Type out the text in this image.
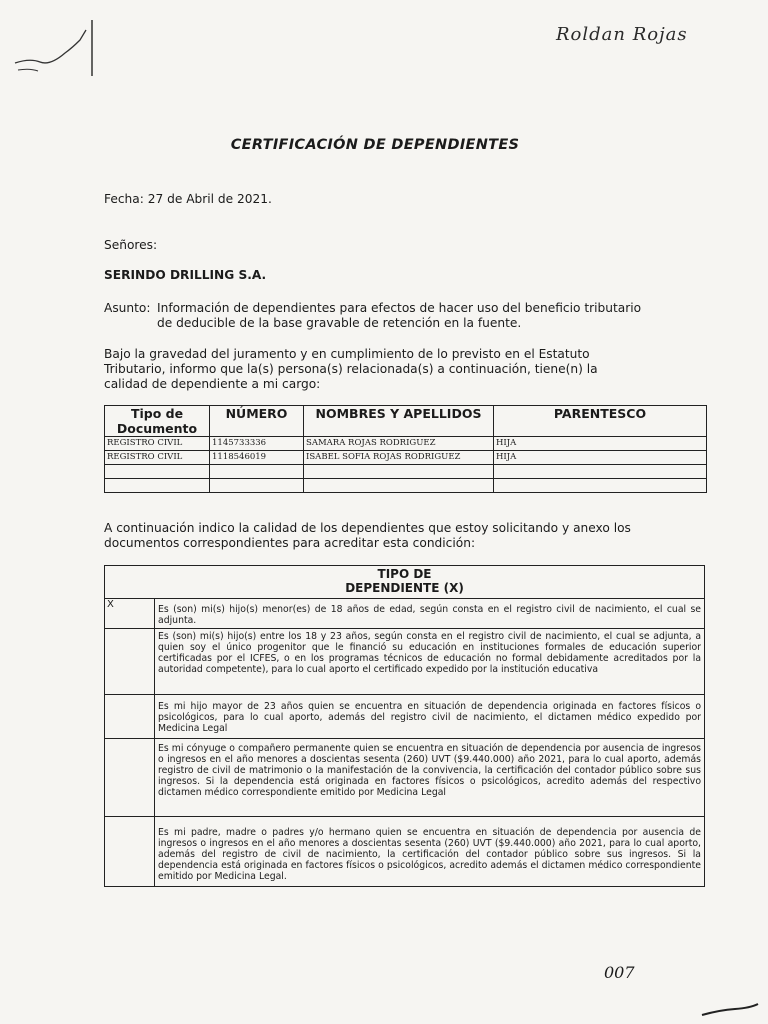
Roldan Rojas
CERTIFICACIÓN DE DEPENDIENTES
Fecha: 27 de Abril de 2021.
Señores:
SERINDO DRILLING S.A.
Asunto: Información de dependientes para efectos de hacer uso del beneficio tributario
de deducible de la base gravable de retención en la fuente.
Bajo la gravedad del juramento y en cumplimiento de lo previsto en el Estatuto
Tributario, informo que la(s) persona(s) relacionada(s) a continuación, tiene(n) la
calidad de dependiente a mi cargo:
Tipo de Documento	NÚMERO	NOMBRES Y APELLIDOS	PARENTESCO
REGISTRO CIVIL	1145733336	SAMARA ROJAS RODRIGUEZ	HIJA
REGISTRO CIVIL	1118546019	ISABEL SOFIA ROJAS RODRIGUEZ	HIJA

A continuación indico la calidad de los dependientes que estoy solicitando y anexo los
documentos correspondientes para acreditar esta condición:
TIPO DE
DEPENDIENTE (X)	

X	Es (son) mi(s) hijo(s) menor(es) de 18 años de edad, según consta en el registro civil de nacimiento, el cual se adjunta.
	Es (son) mi(s) hijo(s) entre los 18 y 23 años, según consta en el registro civil de nacimiento, el cual se adjunta, a quien soy el único progenitor que le financió su educación en instituciones formales de educación superior certificadas por el ICFES, o en los programas técnicos de educación no formal debidamente acreditados por la autoridad competente), para lo cual aporto el certificado expedido por la institución educativa
	Es mi hijo mayor de 23 años quien se encuentra en situación de dependencia originada en factores físicos o psicológicos, para lo cual aporto, además del registro civil de nacimiento, el dictamen médico expedido por Medicina Legal
	Es mi cónyuge o compañero permanente quien se encuentra en situación de dependencia por ausencia de ingresos o ingresos en el año menores a doscientas sesenta (260) UVT ($9.440.000) año 2021, para lo cual aporto, además registro de civil de matrimonio o la manifestación de la convivencia, la certificación del contador público sobre sus ingresos. Si la dependencia está originada en factores físicos o psicológicos, acredito además del respectivo dictamen médico correspondiente emitido por Medicina Legal
	Es mi padre, madre o padres y/o hermano quien se encuentra en situación de dependencia por ausencia de ingresos o ingresos en el año menores a doscientas sesenta (260) UVT ($9.440.000) año 2021, para lo cual aporto, además del registro de civil de nacimiento, la certificación del contador público sobre sus ingresos. Si la dependencia está originada en factores físicos o psicológicos, acredito además el dictamen médico correspondiente emitido por Medicina Legal.
007
